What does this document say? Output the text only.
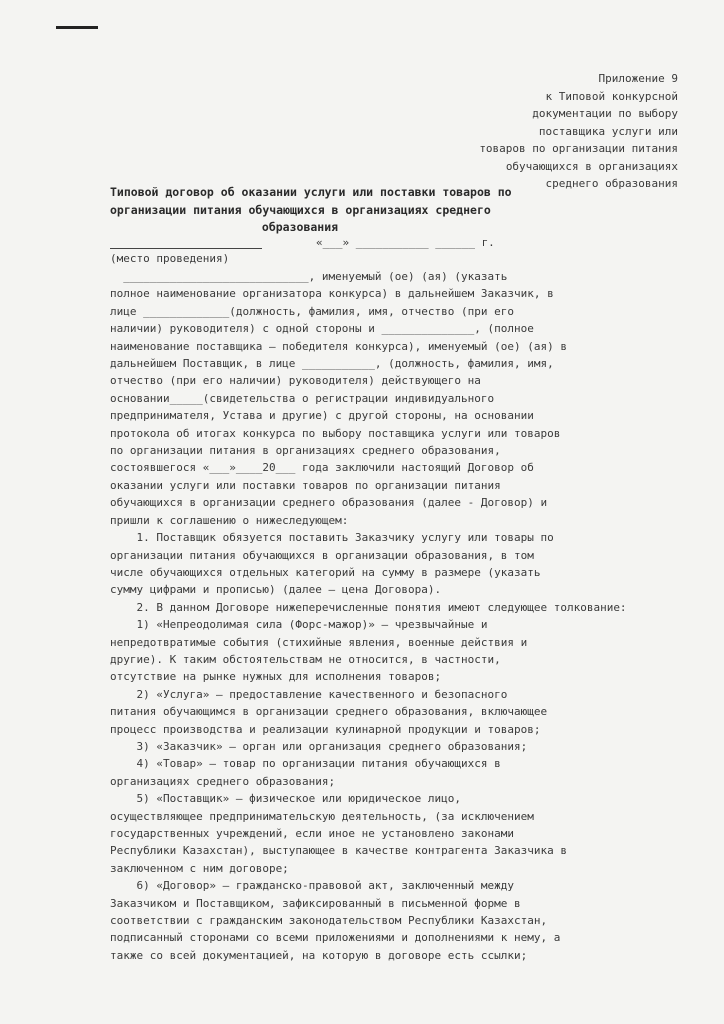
Приложение 9
к Типовой конкурсной
документации по выбору
поставщика услуги или
товаров по организации питания
обучающихся в организациях
среднего образования
Типовой договор об оказании услуги или поставки товаров по
организации питания обучающихся в организациях среднего
образования
«___» ___________ ______ г.
(место проведения)
____________________________, именуемый (ое) (ая) (указать
полное наименование организатора конкурса) в дальнейшем Заказчик, в
лице _____________(должность, фамилия, имя, отчество (при его
наличии) руководителя) с одной стороны и ______________, (полное
наименование поставщика – победителя конкурса), именуемый (ое) (ая) в
дальнейшем Поставщик, в лице ___________, (должность, фамилия, имя,
отчество (при его наличии) руководителя) действующего на
основании_____(свидетельства о регистрации индивидуального
предпринимателя, Устава и другие) с другой стороны, на основании
протокола об итогах конкурса по выбору поставщика услуги или товаров
по организации питания в организациях среднего образования,
состоявшегося «___»____20___ года заключили настоящий Договор об
оказании услуги или поставки товаров по организации питания
обучающихся в организации среднего образования (далее - Договор) и
пришли к соглашению о нижеследующем:
1. Поставщик обязуется поставить Заказчику услугу или товары по
организации питания обучающихся в организации образования, в том
числе обучающихся отдельных категорий на сумму в размере (указать
сумму цифрами и прописью) (далее – цена Договора).
2. В данном Договоре нижеперечисленные понятия имеют следующее толкование:
1) «Непреодолимая сила (Форс-мажор)» – чрезвычайные и
непредотвратимые события (стихийные явления, военные действия и
другие). К таким обстоятельствам не относится, в частности,
отсутствие на рынке нужных для исполнения товаров;
2) «Услуга» – предоставление качественного и безопасного
питания обучающимся в организации среднего образования, включающее
процесс производства и реализации кулинарной продукции и товаров;
3) «Заказчик» – орган или организация среднего образования;
4) «Товар» – товар по организации питания обучающихся в
организациях среднего образования;
5) «Поставщик» – физическое или юридическое лицо,
осуществляющее предпринимательскую деятельность, (за исключением
государственных учреждений, если иное не установлено законами
Республики Казахстан), выступающее в качестве контрагента Заказчика в
заключенном с ним договоре;
6) «Договор» – гражданско-правовой акт, заключенный между
Заказчиком и Поставщиком, зафиксированный в письменной форме в
соответствии с гражданским законодательством Республики Казахстан,
подписанный сторонами со всеми приложениями и дополнениями к нему, а
также со всей документацией, на которую в договоре есть ссылки;
